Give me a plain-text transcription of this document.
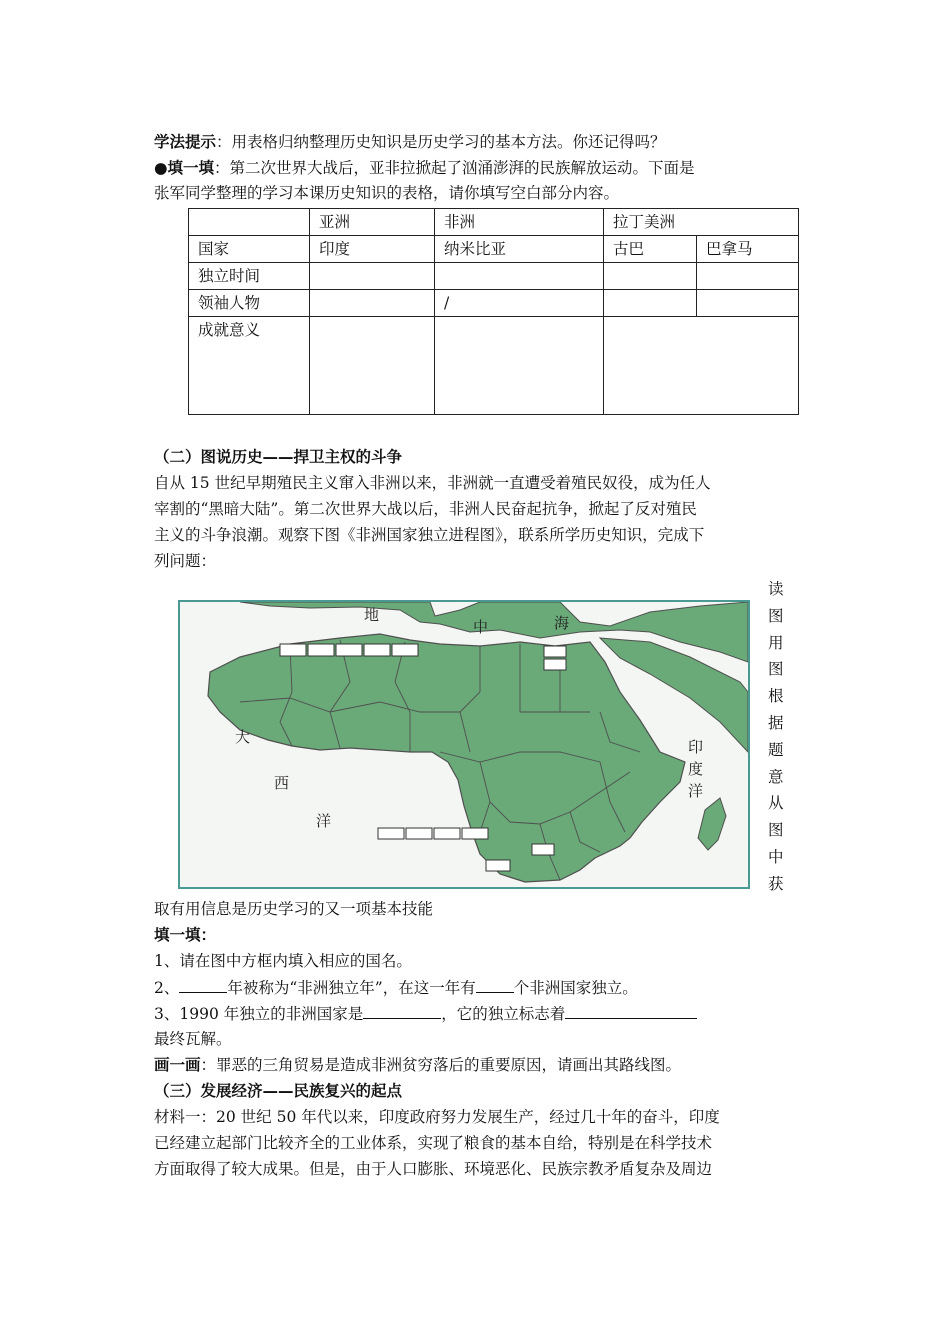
学法提示：用表格归纳整理历史知识是历史学习的基本方法。你还记得吗？
●填一填：第二次世界大战后，亚非拉掀起了汹涌澎湃的民族解放运动。下面是
张军同学整理的学习本课历史知识的表格，请你填写空白部分内容。
	亚洲	非洲	拉丁美洲	
国家	印度	纳米比亚	古巴	巴拿马
独立时间				
领袖人物		/		
成就意义				
（二）图说历史——捍卫主权的斗争
自从 15 世纪早期殖民主义窜入非洲以来，非洲就一直遭受着殖民奴役，成为任人
宰割的“黑暗大陆”。第二次世界大战以后，非洲人民奋起抗争，掀起了反对殖民
主义的斗争浪潮。观察下图《非洲国家独立进程图》，联系所学历史知识，完成下
列问题：
地
中	海
大
西
洋
印
度
洋
读
图
用
图
根
据
题
意
从
图
中
获
取有用信息是历史学习的又一项基本技能
填一填：
1、请在图中方框内填入相应的国名。
2、	年被称为“非洲独立年”，在这一年有 个非洲国家独立。
3、1990 年独立的非洲国家是	，它的独立标志着
最终瓦解。
画一画：罪恶的三角贸易是造成非洲贫穷落后的重要原因，请画出其路线图。
（三）发展经济——民族复兴的起点
材料一：20 世纪 50 年代以来，印度政府努力发展生产，经过几十年的奋斗，印度
已经建立起部门比较齐全的工业体系，实现了粮食的基本自给，特别是在科学技术
方面取得了较大成果。但是，由于人口膨胀、环境恶化、民族宗教矛盾复杂及周边
